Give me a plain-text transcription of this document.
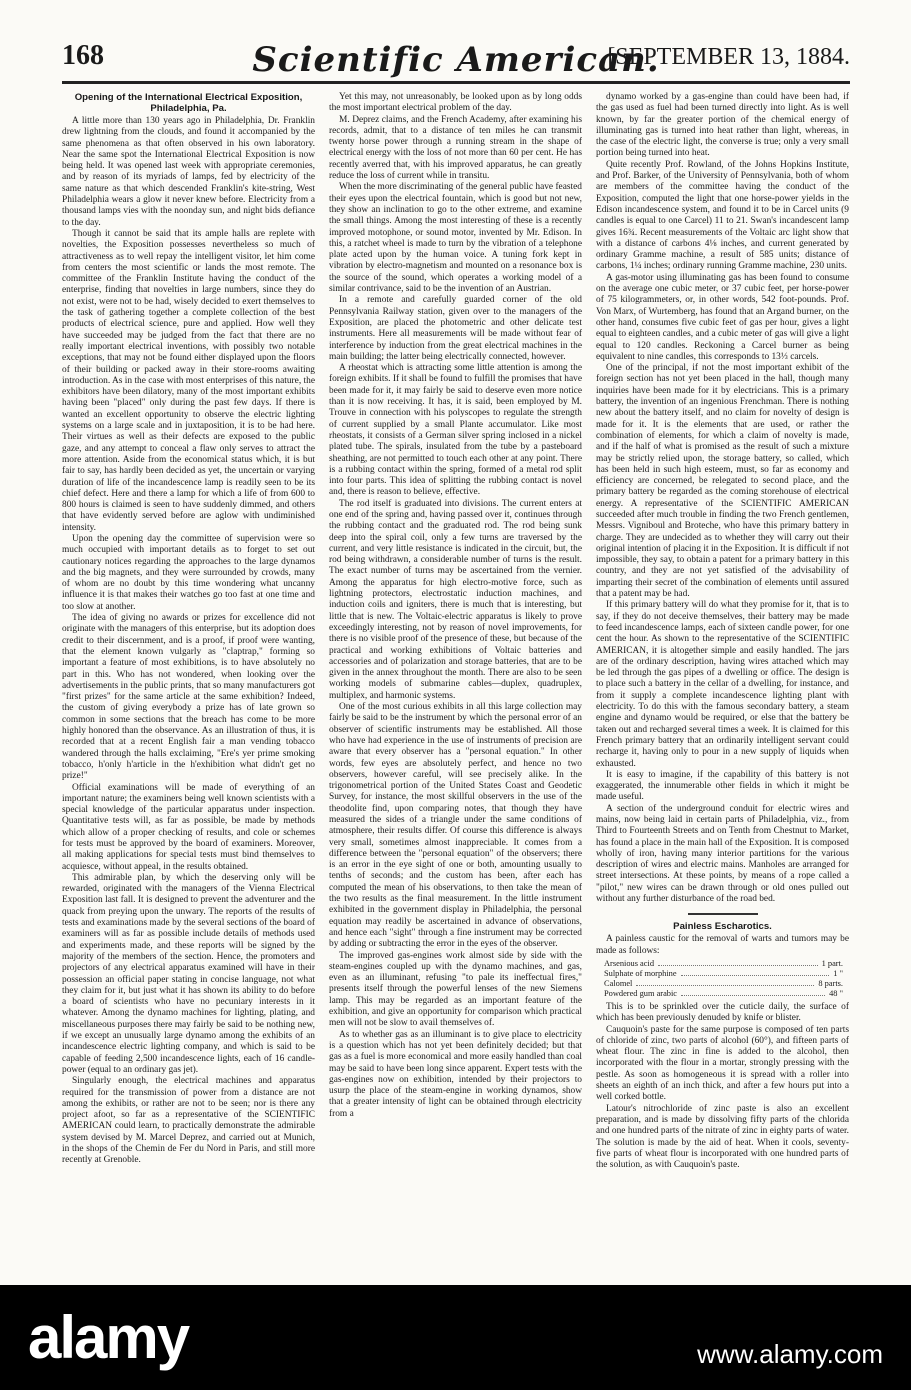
168	Scientific American.
[SEPTEMBER 13, 1884.
Opening of the International Electrical Exposition, Philadelphia, Pa.

A little more than 130 years ago in Philadelphia, Dr. Franklin drew lightning from the clouds, and found it accompanied by the same phenomena as that often observed in his own laboratory. Near the same spot the International Electrical Exposition is now being held. It was opened last week with appropriate ceremonies, and by reason of its myriads of lamps, fed by electricity of the same nature as that which descended Franklin's kite-string, West Philadelphia wears a glow it never knew before. Electricity from a thousand lamps vies with the noonday sun, and night bids defiance to the day.

Though it cannot be said that its ample halls are replete with novelties, the Exposition possesses nevertheless so much of attractiveness as to well repay the intelligent visitor, let him come from centers the most scientific or lands the most remote. The committee of the Franklin Institute having the conduct of the enterprise, finding that novelties in large numbers, since they do not exist, were not to be had, wisely decided to exert themselves to the task of gathering together a complete collection of the best products of electrical science, pure and applied. How well they have succeeded may be judged from the fact that there are no really important electrical inventions, with possibly two notable exceptions, that may not be found either displayed upon the floors of their building or packed away in their store-rooms awaiting introduction. As in the case with most enterprises of this nature, the exhibitors have been dilatory, many of the most important exhibits having been "placed" only during the past few days. If there is wanted an excellent opportunity to observe the electric lighting systems on a large scale and in juxtaposition, it is to be had here. Their virtues as well as their defects are exposed to the public gaze, and any attempt to conceal a flaw only serves to attract the more attention. Aside from the economical status which, it is but fair to say, has hardly been decided as yet, the uncertain or varying duration of life of the incandescence lamp is readily seen to be its chief defect. Here and there a lamp for which a life of from 600 to 800 hours is claimed is seen to have suddenly dimmed, and others that have evidently served before are aglow with undiminished intensity.

Upon the opening day the committee of supervision were so much occupied with important details as to forget to set out cautionary notices regarding the approaches to the large dynamos and the big magnets, and they were surrounded by crowds, many of whom are no doubt by this time wondering what uncanny influence it is that makes their watches go too fast at one time and too slow at another.

The idea of giving no awards or prizes for excellence did not originate with the managers of this enterprise, but its adoption does credit to their discernment, and is a proof, if proof were wanting, that the element known vulgarly as "claptrap," forming so important a feature of most exhibitions, is to have absolutely no part in this. Who has not wondered, when looking over the advertisements in the public prints, that so many manufacturers got "first prizes" for the same article at the same exhibition? Indeed, the custom of giving everybody a prize has of late grown so common in some sections that the breach has come to be more highly honored than the observance. As an illustration of thus, it is recorded that at a recent English fair a man vending tobacco wandered through the halls exclaiming, "Ere's yer prime smoking tobacco, h'only h'article in the h'exhibition what didn't get no prize!"

Official examinations will be made of everything of an important nature; the examiners being well known scientists with a special knowledge of the particular apparatus under inspection. Quantitative tests will, as far as possible, be made by methods which allow of a proper checking of results, and cole or schemes for tests must be approved by the board of examiners. Moreover, all making applications for special tests must bind themselves to acquiesce, without appeal, in the results obtained.

This admirable plan, by which the deserving only will be rewarded, originated with the managers of the Vienna Electrical Exposition last fall. It is designed to prevent the adventurer and the quack from preying upon the unwary. The reports of the results of tests and examinations made by the several sections of the board of examiners will as far as possible include details of methods used and experiments made, and these reports will be signed by the majority of the members of the section. Hence, the promoters and projectors of any electrical apparatus examined will have in their possession an official paper stating in concise language, not what they claim for it, but just what it has shown its ability to do before a board of scientists who have no pecuniary interests in it whatever. Among the dynamo machines for lighting, plating, and miscellaneous purposes there may fairly be said to be nothing new, if we except an unusually large dynamo among the exhibits of an incandescence electric lighting company, and which is said to be capable of feeding 2,500 incandescence lights, each of 16 candle-power (equal to an ordinary gas jet).

Singularly enough, the electrical machines and apparatus required for the transmission of power from a distance are not among the exhibits, or rather are not to be seen; nor is there any project afoot, so far as a representative of the SCIENTIFIC AMERICAN could learn, to practically demonstrate the admirable system devised by M. Marcel Deprez, and carried out at Munich, in the shops of the Chemin de Fer du Nord in Paris, and still more recently at Grenoble.

Yet this may, not unreasonably, be looked upon as by long odds the most important electrical problem of the day.

M. Deprez claims, and the French Academy, after examining his records, admit, that to a distance of ten miles he can transmit twenty horse power through a running stream in the shape of electrical energy with the loss of not more than 60 per cent. He has recently averred that, with his improved apparatus, he can greatly reduce the loss of current while in transitu.

When the more discriminating of the general public have feasted their eyes upon the electrical fountain, which is good but not new, they show an inclination to go to the other extreme, and examine the small things. Among the most interesting of these is a recently improved motophone, or sound motor, invented by Mr. Edison. In this, a ratchet wheel is made to turn by the vibration of a telephone plate acted upon by the human voice. A tuning fork kept in vibration by electro-magnetism and mounted on a resonance box is the source of the sound, which operates a working model of a similar contrivance, said to be the invention of an Austrian.

In a remote and carefully guarded corner of the old Pennsylvania Railway station, given over to the managers of the Exposition, are placed the photometric and other delicate test instruments. Here all measurements will be made without fear of interference by induction from the great electrical machines in the main building; the latter being electrically connected, however.

A rheostat which is attracting some little attention is among the foreign exhibits. If it shall be found to fulfill the promises that have been made for it, it may fairly be said to deserve even more notice than it is now receiving. It has, it is said, been employed by M. Trouve in connection with his polyscopes to regulate the strength of current supplied by a small Plante accumulator. Like most rheostats, it consists of a German silver spring inclosed in a nickel plated tube. The spirals, insulated from the tube by a pasteboard sheathing, are not permitted to touch each other at any point. There is a rubbing contact within the spring, formed of a metal rod split into four parts. This idea of splitting the rubbing contact is novel and, there is reason to believe, effective.

The rod itself is graduated into divisions. The current enters at one end of the spring and, having passed over it, continues through the rubbing contact and the graduated rod. The rod being sunk deep into the spiral coil, only a few turns are traversed by the current, and very little resistance is indicated in the circuit, but, the rod being withdrawn, a considerable number of turns is the result. The exact number of turns may be ascertained from the vernier. Among the apparatus for high electro-motive force, such as lightning protectors, electrostatic induction machines, and induction coils and igniters, there is much that is interesting, but little that is new. The Voltaic-electric apparatus is likely to prove exceedingly interesting, not by reason of novel improvements, for there is no visible proof of the presence of these, but because of the practical and working exhibitions of Voltaic batteries and accessories and of polarization and storage batteries, that are to be given in the annex throughout the month. There are also to be seen working models of submarine cables—duplex, quadruplex, multiplex, and harmonic systems.

One of the most curious exhibits in all this large collection may fairly be said to be the instrument by which the personal error of an observer of scientific instruments may be established. All those who have had experience in the use of instruments of precision are aware that every observer has a "personal equation." In other words, few eyes are absolutely perfect, and hence no two observers, however careful, will see precisely alike. In the trigonometrical portion of the United States Coast and Geodetic Survey, for instance, the most skillful observers in the use of the theodolite find, upon comparing notes, that though they have measured the sides of a triangle under the same conditions of atmosphere, their results differ. Of course this difference is always very small, sometimes almost inappreciable. It comes from a difference between the "personal equation" of the observers; there is an error in the eye sight of one or both, amounting usually to tenths of seconds; and the custom has been, after each has computed the mean of his observations, to then take the mean of the two results as the final measurement. In the little instrument exhibited in the government display in Philadelphia, the personal equation may readily be ascertained in advance of observations, and hence each "sight" through a fine instrument may be corrected by adding or subtracting the error in the eyes of the observer.

The improved gas-engines work almost side by side with the steam-engines coupled up with the dynamo machines, and gas, even as an illuminant, refusing "to pale its ineffectual fires," presents itself through the powerful lenses of the new Siemens lamp. This may be regarded as an important feature of the exhibition, and give an opportunity for comparison which practical men will not be slow to avail themselves of.

As to whether gas as an illuminant is to give place to electricity is a question which has not yet been definitely decided; but that gas as a fuel is more economical and more easily handled than coal may be said to have been long since apparent. Expert tests with the gas-engines now on exhibition, intended by their projectors to usurp the place of the steam-engine in working dynamos, show that a greater intensity of light can be obtained through electricity from a

dynamo worked by a gas-engine than could have been had, if the gas used as fuel had been turned directly into light. As is well known, by far the greater portion of the chemical energy of illuminating gas is turned into heat rather than light, whereas, in the case of the electric light, the converse is true; only a very small portion being turned into heat.

Quite recently Prof. Rowland, of the Johns Hopkins Institute, and Prof. Barker, of the University of Pennsylvania, both of whom are members of the committee having the conduct of the Exposition, computed the light that one horse-power yields in the Edison incandescence system, and found it to be in Carcel units (9 candles is equal to one Carcel) 11 to 21. Swan's incandescent lamp gives 16¾. Recent measurements of the Voltaic arc light show that with a distance of carbons 4⅛ inches, and current generated by ordinary Gramme machine, a result of 585 units; distance of carbons, 1¼ inches; ordinary running Gramme machine, 230 units.

A gas-motor using illuminating gas has been found to consume on the average one cubic meter, or 37 cubic feet, per horse-power of 75 kilogrammeters, or, in other words, 542 foot-pounds. Prof. Von Marx, of Wurtemberg, has found that an Argand burner, on the other hand, consumes five cubic feet of gas per hour, gives a light equal to eighteen candles, and a cubic meter of gas will give a light equal to 120 candles. Reckoning a Carcel burner as being equivalent to nine candles, this corresponds to 13⅓ carcels.

One of the principal, if not the most important exhibit of the foreign section has not yet been placed in the hall, though many inquiries have been made for it by electricians. This is a primary battery, the invention of an ingenious Frenchman. There is nothing new about the battery itself, and no claim for novelty of design is made for it. It is the elements that are used, or rather the combination of elements, for which a claim of novelty is made, and if the half of what is promised as the result of such a mixture may be strictly relied upon, the storage battery, so called, which has been held in such high esteem, must, so far as economy and efficiency are concerned, be relegated to second place, and the primary battery be regarded as the coming storehouse of electrical energy. A representative of the SCIENTIFIC AMERICAN succeeded after much trouble in finding the two French gentlemen, Messrs. Vigniboul and Broteche, who have this primary battery in charge. They are undecided as to whether they will carry out their original intention of placing it in the Exposition. It is difficult if not impossible, they say, to obtain a patent for a primary battery in this country, and they are not yet satisfied of the advisability of imparting their secret of the combination of elements until assured that a patent may be had.

If this primary battery will do what they promise for it, that is to say, if they do not deceive themselves, their battery may be made to feed incandescence lamps, each of sixteen candle power, for one cent the hour. As shown to the representative of the SCIENTIFIC AMERICAN, it is altogether simple and easily handled. The jars are of the ordinary description, having wires attached which may be led through the gas pipes of a dwelling or office. The design is to place such a battery in the cellar of a dwelling, for instance, and from it supply a complete incandescence lighting plant with electricity. To do this with the famous secondary battery, a steam engine and dynamo would be required, or else that the battery be taken out and recharged several times a week. It is claimed for this French primary battery that an ordinarily intelligent servant could recharge it, having only to pour in a new supply of liquids when exhausted.

It is easy to imagine, if the capability of this battery is not exaggerated, the innumerable other fields in which it might be made useful.

A section of the underground conduit for electric wires and mains, now being laid in certain parts of Philadelphia, viz., from Third to Fourteenth Streets and on Tenth from Chestnut to Market, has found a place in the main hall of the Exposition. It is composed wholly of iron, having many interior partitions for the various description of wires and electric mains. Manholes are arranged for street intersections. At these points, by means of a rope called a "pilot," new wires can be drawn through or old ones pulled out without any further disturbance of the road bed.

Painless Escharotics.

A painless caustic for the removal of warts and tumors may be made as follows:

Arsenious acid	1 part.
Sulphate of morphine	1 "
Calomel	8 parts.
Powdered gum arabic	48 "

This is to be sprinkled over the cuticle daily, the surface of which has been previously denuded by knife or blister.

Cauquoin's paste for the same purpose is composed of ten parts of chloride of zinc, two parts of alcohol (60°), and fifteen parts of wheat flour. The zinc in fine is added to the alcohol, then incorporated with the flour in a mortar, strongly pressing with the pestle. As soon as homogeneous it is spread with a roller into sheets an eighth of an inch thick, and after a few hours put into a well corked bottle.

Latour's nitrochloride of zinc paste is also an excellent preparation, and is made by dissolving fifty parts of the chlorida and one hundred parts of the nitrate of zinc in eighty parts of water. The solution is made by the aid of heat. When it cools, seventy-five parts of wheat flour is incorporated with one hundred parts of the solution, as with Cauquoin's paste.

alamy	www.alamy.com
